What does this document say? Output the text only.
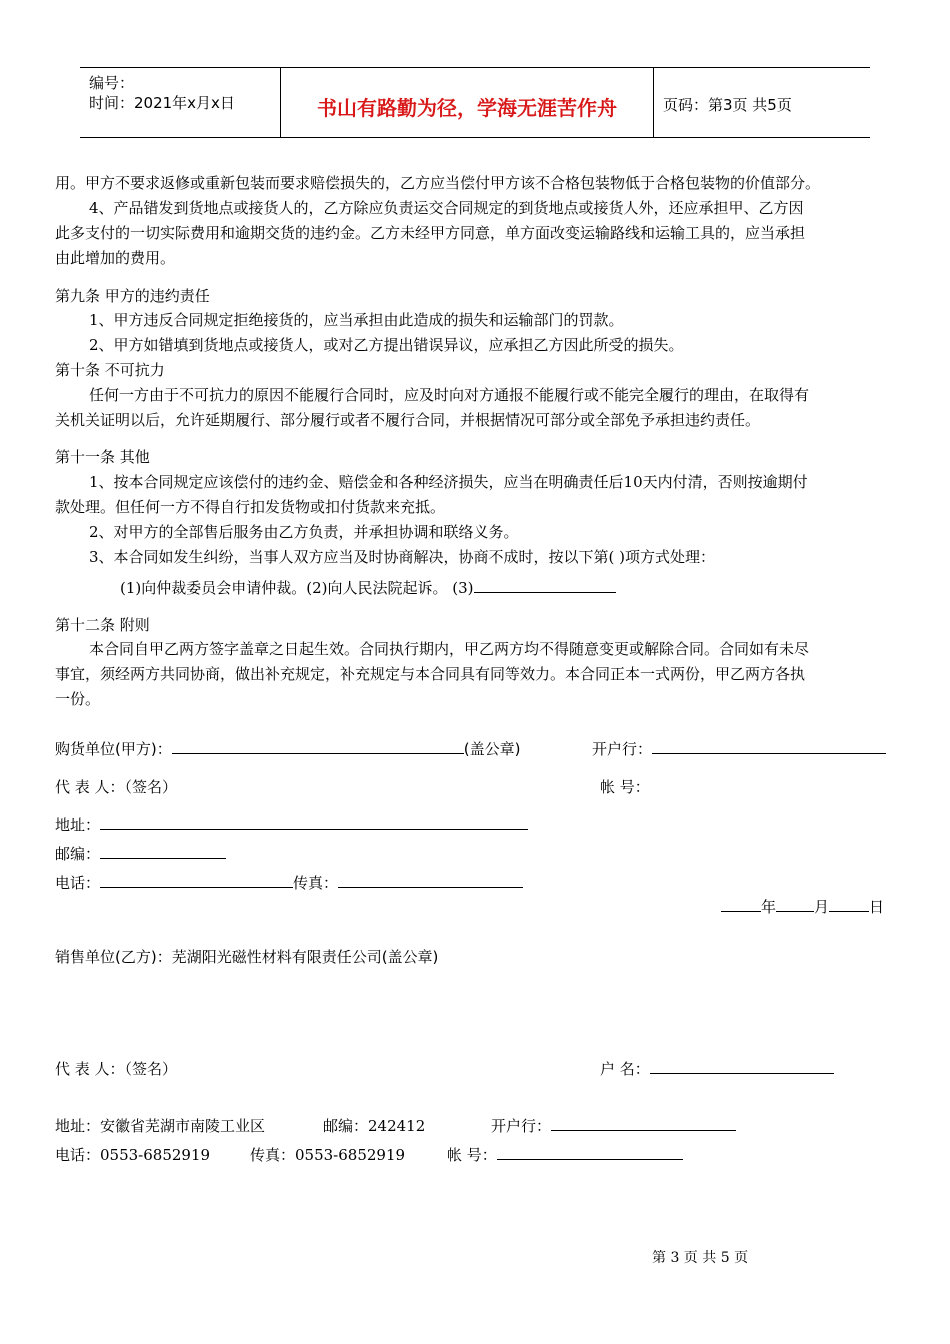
编号：
时间：2021年x月x日	书山有路勤为径，学海无涯苦作舟	页码：第3页 共5页
用。甲方不要求返修或重新包装而要求赔偿损失的，乙方应当偿付甲方该不合格包装物低于合格包装物的价值部分。
4、产品错发到货地点或接货人的，乙方除应负责运交合同规定的到货地点或接货人外，还应承担甲、乙方因
此多支付的一切实际费用和逾期交货的违约金。乙方未经甲方同意，单方面改变运输路线和运输工具的，应当承担
由此增加的费用。
第九条 甲方的违约责任
1、甲方违反合同规定拒绝接货的，应当承担由此造成的损失和运输部门的罚款。
2、甲方如错填到货地点或接货人，或对乙方提出错误异议，应承担乙方因此所受的损失。
第十条 不可抗力
任何一方由于不可抗力的原因不能履行合同时，应及时向对方通报不能履行或不能完全履行的理由，在取得有
关机关证明以后，允许延期履行、部分履行或者不履行合同，并根据情况可部分或全部免予承担违约责任。
第十一条 其他
1、按本合同规定应该偿付的违约金、赔偿金和各种经济损失，应当在明确责任后10天内付清，否则按逾期付
款处理。但任何一方不得自行扣发货物或扣付货款来充抵。
2、对甲方的全部售后服务由乙方负责，并承担协调和联络义务。
3、本合同如发生纠纷，当事人双方应当及时协商解决，协商不成时，按以下第( )项方式处理：
(1)向仲裁委员会申请仲裁。(2)向人民法院起诉。 (3)
第十二条 附则
本合同自甲乙两方签字盖章之日起生效。合同执行期内，甲乙两方均不得随意变更或解除合同。合同如有未尽
事宜，须经两方共同协商，做出补充规定，补充规定与本合同具有同等效力。本合同正本一式两份，甲乙两方各执
一份。
购货单位(甲方)：	(盖公章)	开户行：
代 表 人：（签名）	帐 号：
地址：
邮编：
电话：	传真：
年	月	日
销售单位(乙方)：芜湖阳光磁性材料有限责任公司(盖公章)
代 表 人：（签名）	户 名：
地址：安徽省芜湖市南陵工业区	邮编：242412	开户行：
电话：0553-6852919	传真：0553-6852919	帐 号：
第 3 页 共 5 页
